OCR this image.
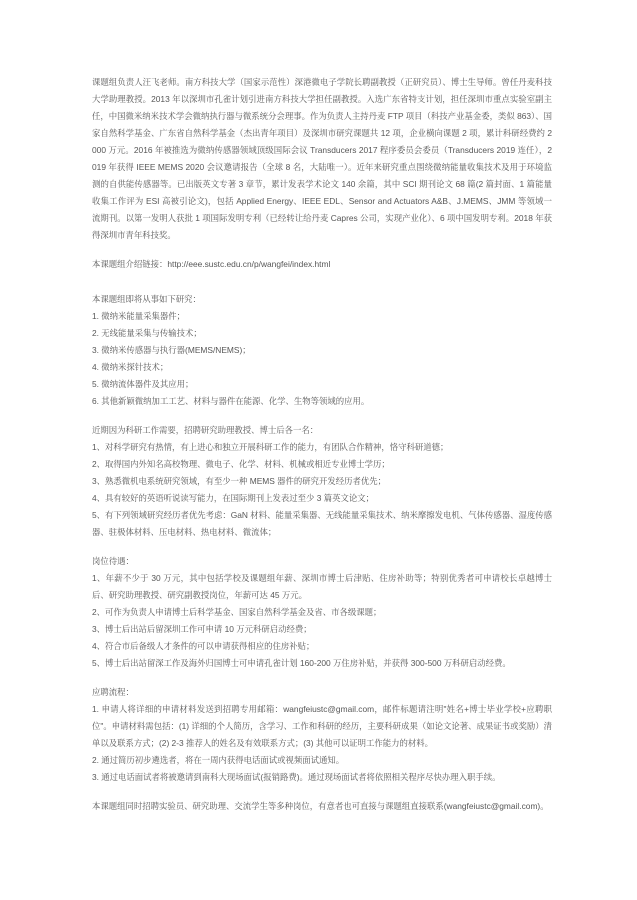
课题组负责人汪飞老师。南方科技大学（国家示范性）深港微电子学院长聘副教授（正研究员）、博士生导师。曾任丹麦科技大学助理教授。2013 年以深圳市孔雀计划引进南方科技大学担任副教授。入选广东省特支计划，担任深圳市重点实验室副主任，中国微米纳米技术学会微纳执行器与微系统分会理事。作为负责人主持丹麦 FTP 项目（科技产业基金委，类似 863）、国家自然科学基金、广东省自然科学基金（杰出青年项目）及深圳市研究课题共 12 项，企业横向课题 2 项，累计科研经费约 2000 万元。2016 年被推选为微纳传感器领域顶级国际会议 Transducers 2017 程序委员会委员（Transducers 2019 连任），2019 年获得 IEEE MEMS 2020 会议邀请报告（全球 8 名，大陆唯一）。近年来研究重点围绕微纳能量收集技术及用于环境监测的自供能传感器等。已出版英文专著 3 章节，累计发表学术论文 140 余篇，其中 SCI 期刊论文 68 篇(2 篇封面、1 篇能量收集工作评为 ESI 高被引论文)，包括 Applied Energy、IEEE EDL、Sensor and Actuators A&B、J.MEMS、JMM 等领域一流期刊。以第一发明人获批 1 项国际发明专利（已经转让给丹麦 Capres 公司，实现产业化）、6 项中国发明专利。2018 年获得深圳市青年科技奖。

本课题组介绍链接：http://eee.sustc.edu.cn/p/wangfei/index.html

本课题组即将从事如下研究：

1. 微纳米能量采集器件；

2. 无线能量采集与传输技术；

3. 微纳米传感器与执行器(MEMS/NEMS)；

4. 微纳米探针技术；

5. 微纳流体器件及其应用；

6. 其他新颖微纳加工工艺、材料与器件在能源、化学、生物等领域的应用。

近期因为科研工作需要，招聘研究助理教授、博士后各一名：

1、对科学研究有热情，有上进心和独立开展科研工作的能力，有团队合作精神，恪守科研道德；

2、取得国内外知名高校物理、微电子、化学、材料、机械或相近专业博士学历；

3、熟悉微机电系统研究领域，有至少一种 MEMS 器件的研究开发经历者优先；

4、具有较好的英语听说读写能力，在国际期刊上发表过至少 3 篇英文论文；

5、有下列领域研究经历者优先考虑：GaN 材料、能量采集器、无线能量采集技术、纳米摩擦发电机、气体传感器、湿度传感器、驻极体材料、压电材料、热电材料、微流体；

岗位待遇：

1、年薪不少于 30 万元，其中包括学校及课题组年薪、深圳市博士后津贴、住房补助等；特别优秀者可申请校长卓越博士后、研究助理教授、研究副教授岗位，年薪可达 45 万元。

2、可作为负责人申请博士后科学基金、国家自然科学基金及省、市各级课题；

3、博士后出站后留深圳工作可申请 10 万元科研启动经费；

4、符合市后备级人才条件的可以申请获得相应的住房补贴；

5、博士后出站留深工作及海外归国博士可申请孔雀计划 160-200 万住房补贴，并获得 300-500 万科研启动经费。

应聘流程：

1. 申请人将详细的申请材料发送到招聘专用邮箱：wangfeiustc@gmail.com，邮件标题请注明"姓名+博士毕业学校+应聘职位"。申请材料需包括：(1) 详细的个人简历，含学习、工作和科研的经历，主要科研成果（如论文论著、成果证书或奖励）清单以及联系方式；(2) 2-3 推荐人的姓名及有效联系方式；(3) 其他可以证明工作能力的材料。

2. 通过简历初步遴选者，将在一周内获得电话面试或视频面试通知。

3. 通过电话面试者将被邀请到南科大现场面试(报销路费)。通过现场面试者将依照相关程序尽快办理入职手续。

本课题组同时招聘实验员、研究助理、交流学生等多种岗位，有意者也可直接与课题组直接联系(wangfeiustc@gmail.com)。
